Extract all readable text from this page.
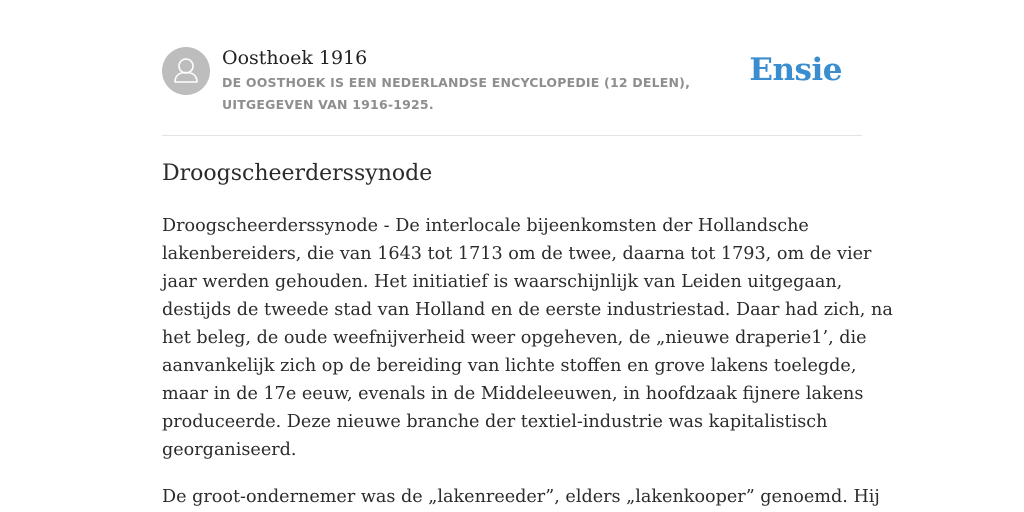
Oosthoek 1916
DE OOSTHOEK IS EEN NEDERLANDSE ENCYCLOPEDIE (12 DELEN), UITGEGEVEN VAN 1916-1925.
Ensie
Droogscheerderssynode
Droogscheerderssynode - De interlocale bijeenkomsten der Hollandsche
lakenbereiders, die van 1643 tot 1713 om de twee, daarna tot 1793, om de vier
jaar werden gehouden. Het initiatief is waarschijnlijk van Leiden uitgegaan,
destijds de tweede stad van Holland en de eerste industriestad. Daar had zich, na
het beleg, de oude weefnijverheid weer opgeheven, de „nieuwe draperie1’, die
aanvankelijk zich op de bereiding van lichte stoffen en grove lakens toelegde,
maar in de 17e eeuw, evenals in de Middeleeuwen, in hoofdzaak fijnere lakens
produceerde. Deze nieuwe branche der textiel-industrie was kapitalistisch
georganiseerd.
De groot-ondernemer was de „lakenreeder”, elders „lakenkooper” genoemd. Hij
